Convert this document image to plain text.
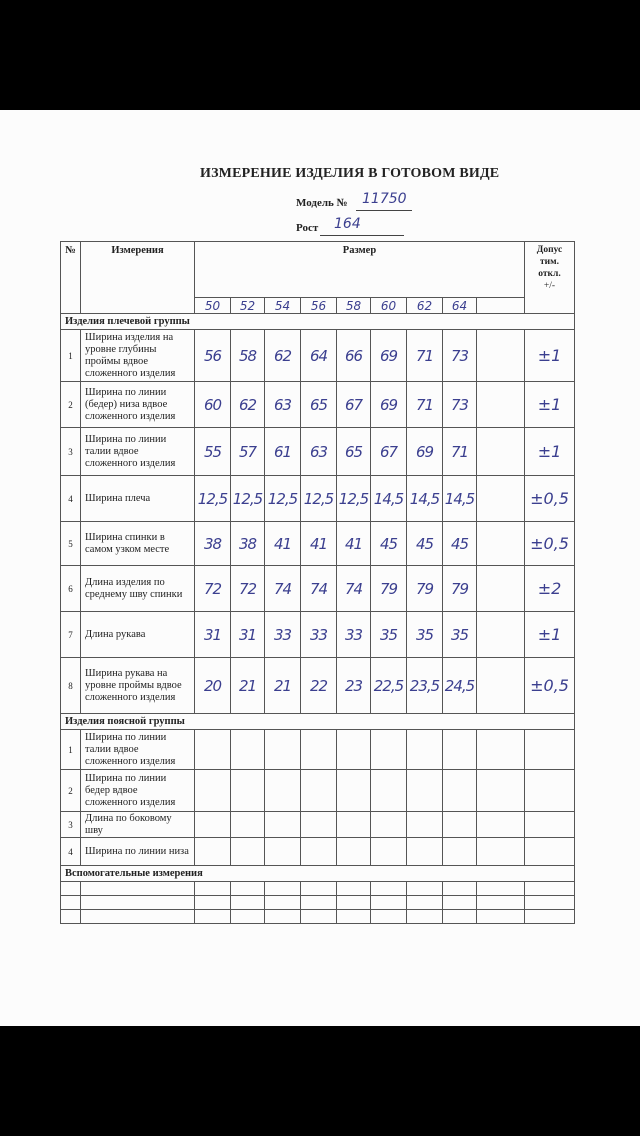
ИЗМЕРЕНИЕ ИЗДЕЛИЯ В ГОТОВОМ ВИДЕ
Модель № 11750
Рост 164
№	Измерения	Размер									Допус
тим.
откл.
+/-

		50	52	54	56	58	60	62	64		
Изделия плечевой группы											
1	Ширина изделия на уровне глубины проймы вдвое сложенного изделия	56	58	62	64	66	69	71	73		±1
2	Ширина по линии (бедер) низа вдвое сложенного изделия	60	62	63	65	67	69	71	73		±1
3	Ширина по линии талии вдвое сложенного изделия	55	57	61	63	65	67	69	71		±1
4	Ширина плеча	12,5	12,5	12,5	12,5	12,5	14,5	14,5	14,5		±0,5
5	Ширина спинки в самом узком месте	38	38	41	41	41	45	45	45		±0,5
6	Длина изделия по среднему шву спинки	72	72	74	74	74	79	79	79		±2
7	Длина рукава	31	31	33	33	33	35	35	35		±1
8	Ширина рукава на уровне проймы вдвое сложенного изделия	20	21	21	22	23	22,5	23,5	24,5		±0,5
Изделия поясной группы											
1	Ширина по линии талии вдвое сложенного изделия										
2	Ширина по линии бедер вдвое сложенного изделия										
3	Длина по боковому шву										
4	Ширина по линии низа										
Вспомогательные измерения											
